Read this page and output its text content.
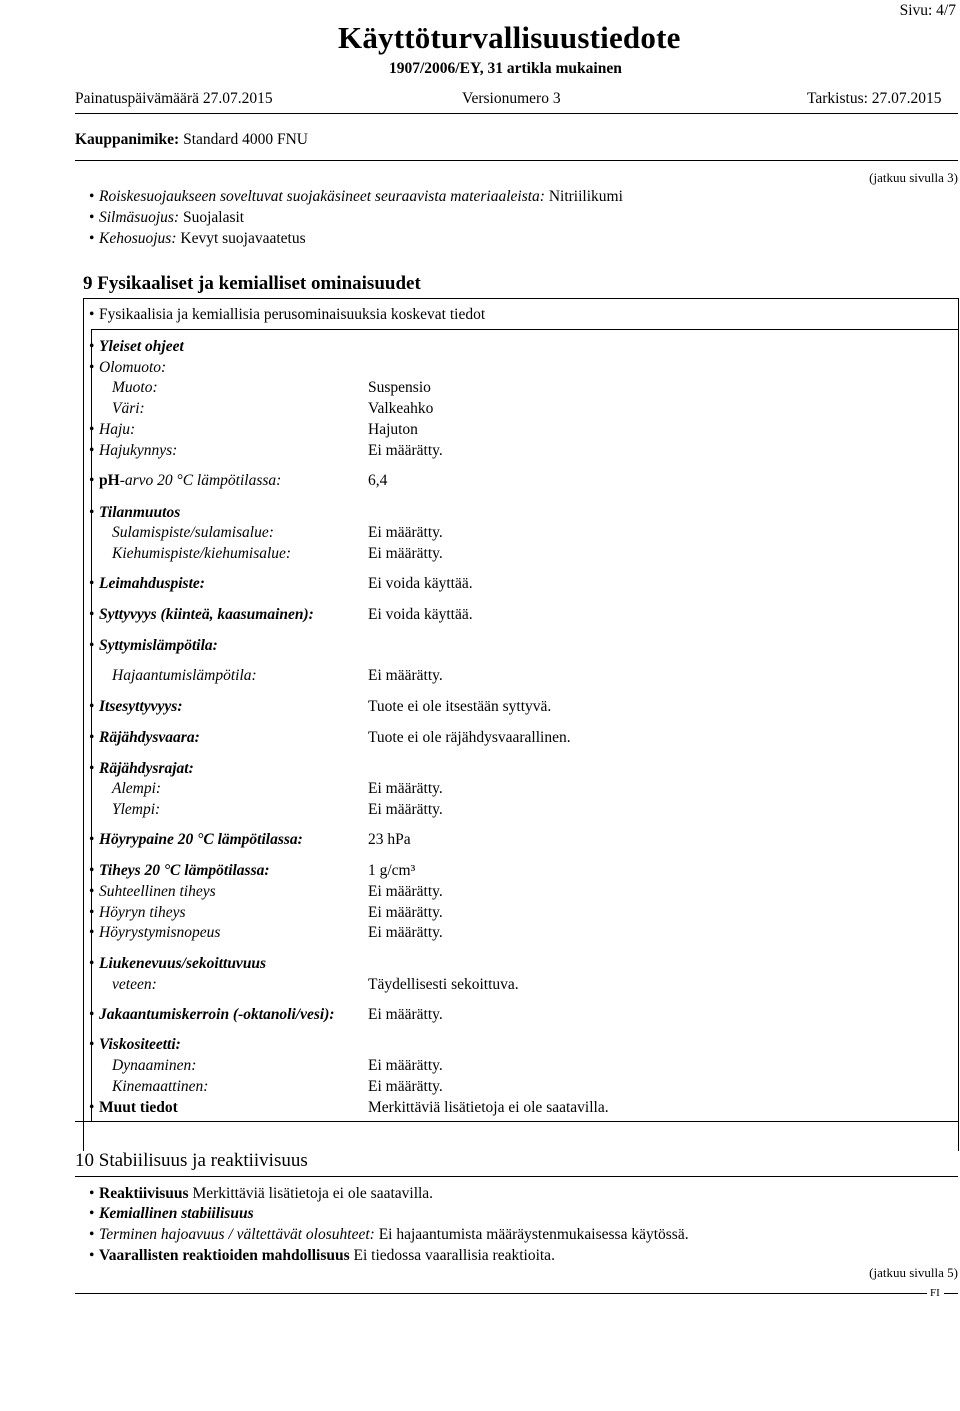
Sivu: 4/7
Käyttöturvallisuustiedote
1907/2006/EY, 31 artikla mukainen
Painatuspäivämäärä 27.07.2015	Versionumero 3	Tarkistus: 27.07.2015
Kauppanimike: Standard 4000 FNU
(jatkuu sivulla 3)
• Roiskesuojaukseen soveltuvat suojakäsineet seuraavista materiaaleista: Nitriilikumi
• Silmäsuojus: Suojalasit
• Kehosuojus: Kevyt suojavaatetus
9 Fysikaaliset ja kemialliset ominaisuudet
• Fysikaalisia ja kemiallisia perusominaisuuksia koskevat tiedot
• Yleiset ohjeet
• Olomuoto:
Muoto:	Suspensio
Väri:	Valkeahko
• Haju:	Hajuton
• Hajukynnys:	Ei määrätty.
• pH-arvo 20 °C lämpötilassa:	6,4
• Tilanmuutos
Sulamispiste/sulamisalue:	Ei määrätty.
Kiehumispiste/kiehumisalue:	Ei määrätty.
• Leimahduspiste:	Ei voida käyttää.
• Syttyvyys (kiinteä, kaasumainen):	Ei voida käyttää.
• Syttymislämpötila:
Hajaantumislämpötila:	Ei määrätty.
• Itsesyttyvyys:	Tuote ei ole itsestään syttyvä.
• Räjähdysvaara:	Tuote ei ole räjähdysvaarallinen.
• Räjähdysrajat:
Alempi:	Ei määrätty.
Ylempi:	Ei määrätty.
• Höyrypaine 20 °C lämpötilassa:	23 hPa
• Tiheys 20 °C lämpötilassa:	1 g/cm³
• Suhteellinen tiheys	Ei määrätty.
• Höyryn tiheys	Ei määrätty.
• Höyrystymisnopeus	Ei määrätty.
• Liukenevuus/sekoittuvuus
veteen:	Täydellisesti sekoittuva.
• Jakaantumiskerroin (-oktanoli/vesi): Ei määrätty.
• Viskositeetti:
Dynaaminen:	Ei määrätty.
Kinemaattinen:	Ei määrätty.
• Muut tiedot	Merkittäviä lisätietoja ei ole saatavilla.
10 Stabiilisuus ja reaktiivisuus
• Reaktiivisuus Merkittäviä lisätietoja ei ole saatavilla.
• Kemiallinen stabiilisuus
• Terminen hajoavuus / vältettävät olosuhteet: Ei hajaantumista määräystenmukaisessa käytössä.
• Vaarallisten reaktioiden mahdollisuus Ei tiedossa vaarallisia reaktioita.
(jatkuu sivulla 5)
FI
